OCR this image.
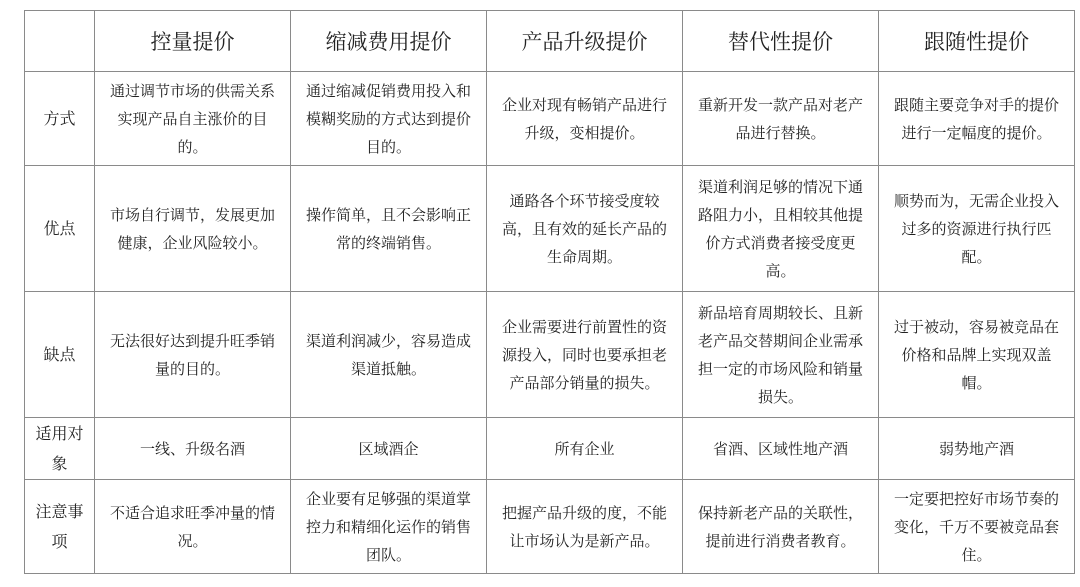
	控量提价	缩减费用提价	产品升级提价	替代性提价	跟随性提价
方式	通过调节市场的供需关系实现产品自主涨价的目的。	通过缩减促销费用投入和模糊奖励的方式达到提价目的。	企业对现有畅销产品进行升级，变相提价。	重新开发一款产品对老产品进行替换。	跟随主要竞争对手的提价进行一定幅度的提价。
优点	市场自行调节，发展更加健康，企业风险较小。	操作简单，且不会影响正常的终端销售。	通路各个环节接受度较高，且有效的延长产品的生命周期。	渠道利润足够的情况下通路阻力小，且相较其他提价方式消费者接受度更高。	顺势而为，无需企业投入过多的资源进行执行匹配。
缺点	无法很好达到提升旺季销量的目的。	渠道利润减少，容易造成渠道抵触。	企业需要进行前置性的资源投入，同时也要承担老产品部分销量的损失。	新品培育周期较长、且新老产品交替期间企业需承担一定的市场风险和销量损失。	过于被动，容易被竞品在价格和品牌上实现双盖帽。
适用对象	一线、升级名酒	区域酒企	所有企业	省酒、区域性地产酒	弱势地产酒
注意事项	不适合追求旺季冲量的情况。	企业要有足够强的渠道掌控力和精细化运作的销售团队。	把握产品升级的度，不能让市场认为是新产品。	保持新老产品的关联性，提前进行消费者教育。	一定要把控好市场节奏的变化，千万不要被竞品套住。
